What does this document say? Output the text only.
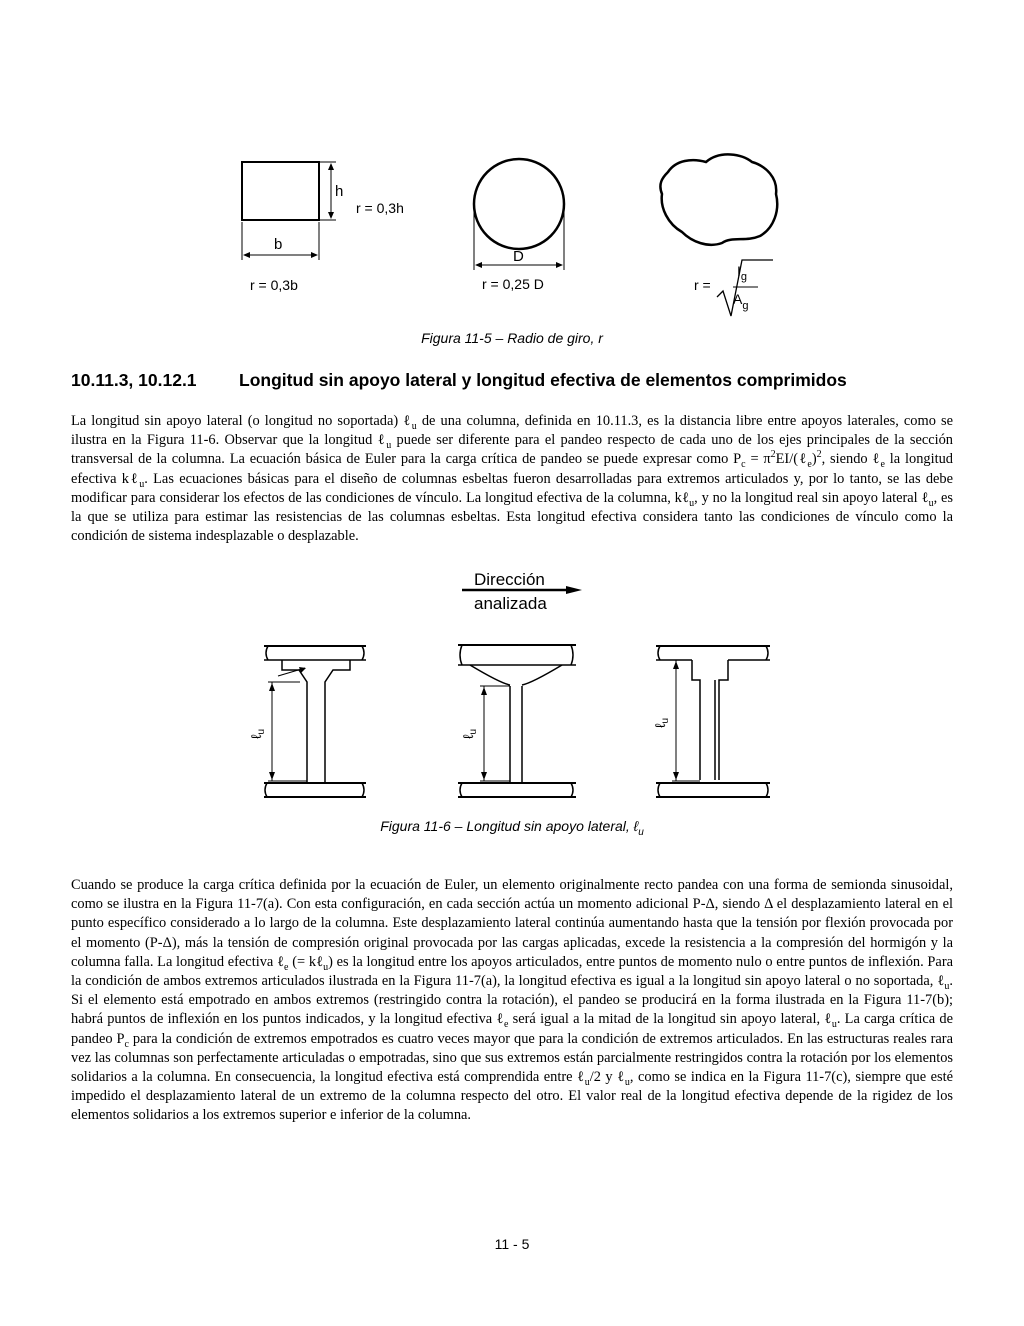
h
r = 0,3h
b
r = 0,3b
D
r = 0,25 D	r =
$I_g$
$A_g$
Figura 11-5 – Radio de giro, r
10.11.3, 10.12.1 Longitud sin apoyo lateral y longitud efectiva de elementos comprimidos

La longitud sin apoyo lateral (o longitud no soportada) ℓ$_u$ de una columna, definida en 10.11.3, es la distancia libre entre apoyos laterales, como se ilustra en la Figura 11-6. Observar que la longitud ℓ$_u$ puede ser diferente para el pandeo respecto de cada uno de los ejes principales de la sección transversal de la columna. La ecuación básica de Euler para la carga crítica de pandeo se puede expresar como $P_c$ = $\pi^2EI/(\ell_e)^2$, siendo ℓ$_e$ la longitud efectiva kℓ$_u$. Las ecuaciones básicas para el diseño de columnas esbeltas fueron desarrolladas para extremos articulados y, por lo tanto, se las debe modificar para considerar los efectos de las condiciones de vínculo. La longitud efectiva de la columna, kℓ$_u$, y no la longitud real sin apoyo lateral ℓ$_u$, es la que se utiliza para estimar las resistencias de las columnas esbeltas. Esta longitud efectiva considera tanto las condiciones de vínculo como la condición de sistema indesplazable o desplazable.

Dirección
analizada
ℓ$_u$
ℓ$_u$
ℓ$_u$
Figura 11-6 – Longitud sin apoyo lateral, ℓ$_u$

Cuando se produce la carga crítica definida por la ecuación de Euler, un elemento originalmente recto pandea con una forma de semionda sinusoidal, como se ilustra en la Figura 11-7(a). Con esta configuración, en cada sección actúa un momento adicional P-Δ, siendo Δ el desplazamiento lateral en el punto específico considerado a lo largo de la columna. Este desplazamiento lateral continúa aumentando hasta que la tensión por flexión provocada por el momento (P-Δ), más la tensión de compresión original provocada por las cargas aplicadas, excede la resistencia a la compresión del hormigón y la columna falla. La longitud efectiva ℓ$_e$ (= kℓ$_u$) es la longitud entre los apoyos articulados, entre puntos de momento nulo o entre puntos de inflexión. Para la condición de ambos extremos articulados ilustrada en la Figura 11-7(a), la longitud efectiva es igual a la longitud sin apoyo lateral o no soportada, ℓ$_u$. Si el elemento está empotrado en ambos extremos (restringido contra la rotación), el pandeo se producirá en la forma ilustrada en la Figura 11-7(b); habrá puntos de inflexión en los puntos indicados, y la longitud efectiva ℓ$_e$ será igual a la mitad de la longitud sin apoyo lateral, ℓ$_u$. La carga crítica de pandeo $P_c$ para la condición de extremos empotrados es cuatro veces mayor que para la condición de extremos articulados. En las estructuras reales rara vez las columnas son perfectamente articuladas o empotradas, sino que sus extremos están parcialmente restringidos contra la rotación por los elementos solidarios a la columna. En consecuencia, la longitud efectiva está comprendida entre ℓ$_u$/2 y ℓ$_u$, como se indica en la Figura 11-7(c), siempre que esté impedido el desplazamiento lateral de un extremo de la columna respecto del otro. El valor real de la longitud efectiva depende de la rigidez de los elementos solidarios a los extremos superior e inferior de la columna.

11 - 5
